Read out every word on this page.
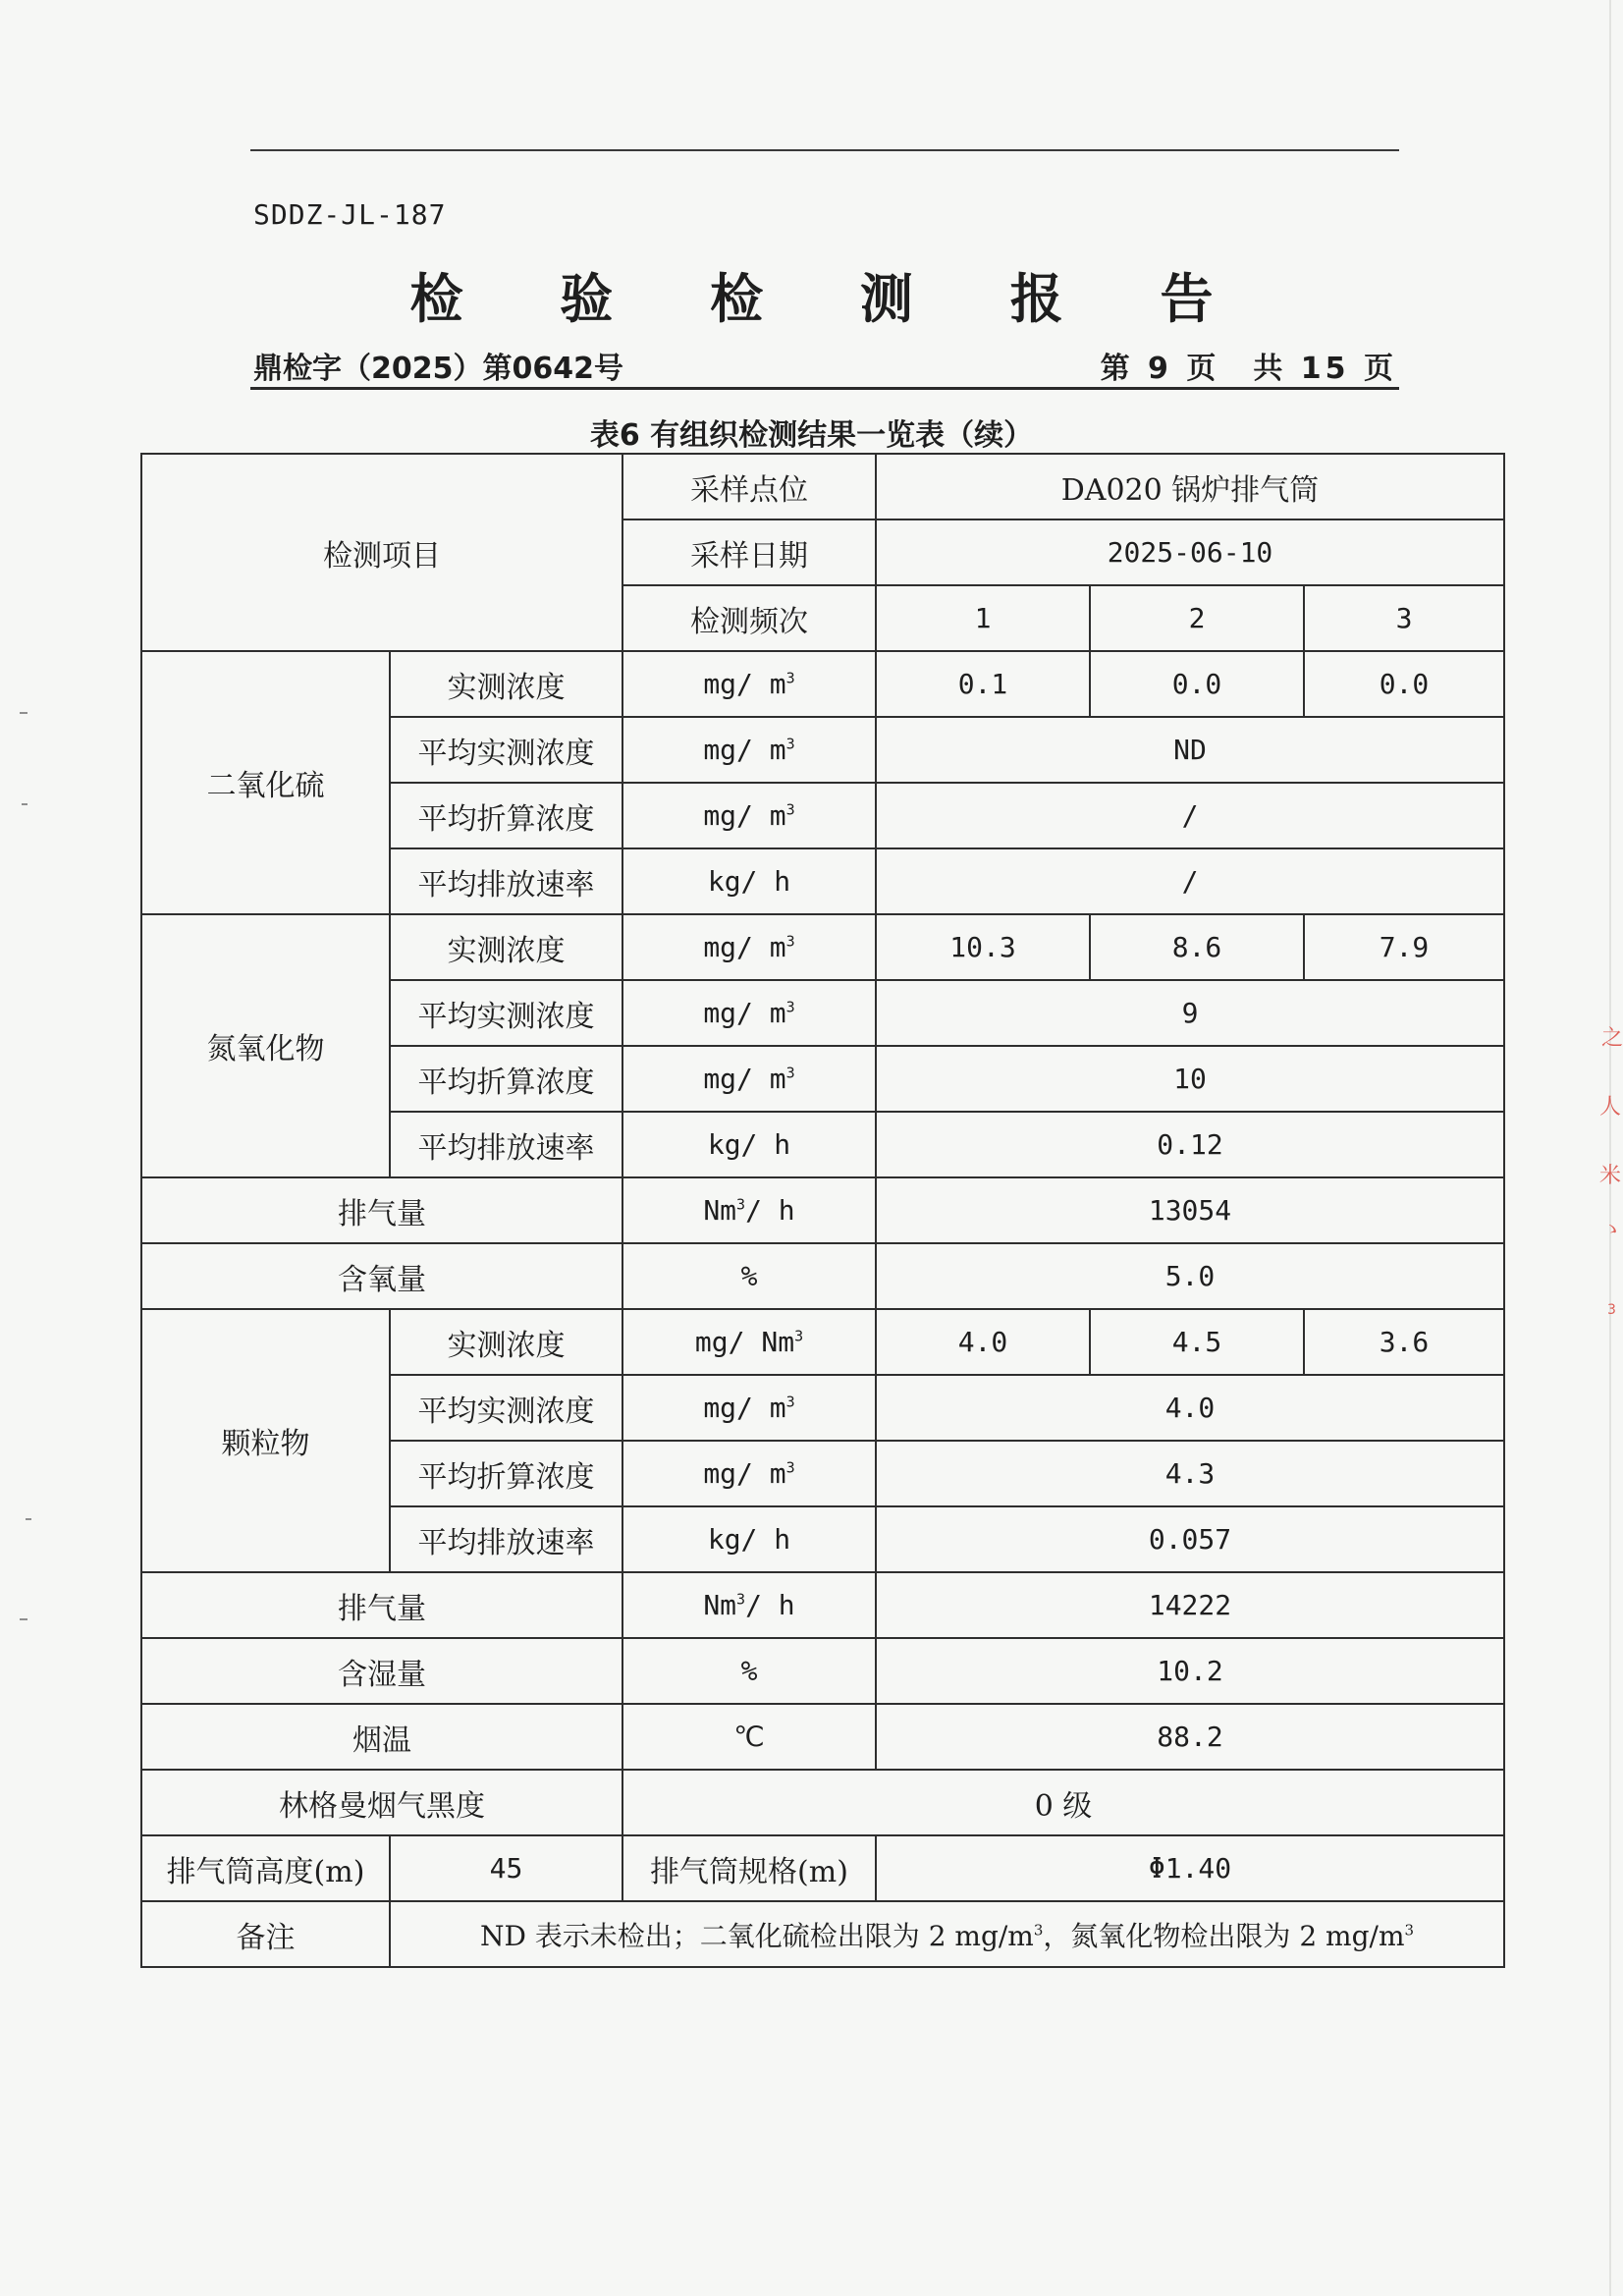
SDDZ-JL-187
检 验 检 测 报 告
鼎检字（2025）第0642号	第 9 页　共 15 页
表6 有组织检测结果一览表（续）
检测项目		采样点位	DA020 锅炉排气筒		
		采样日期	2025-06-10		
		检测频次	1	2	3
二氧化硫	实测浓度	mg/ $m^3$	0.1	0.0	0.0
	平均实测浓度	mg/ $m^3$	ND		
	平均折算浓度	mg/ $m^3$	/		
	平均排放速率	kg/ h	/		
氮氧化物	实测浓度	mg/ $m^3$	10.3	8.6	7.9
	平均实测浓度	mg/ $m^3$	9		
	平均折算浓度	mg/ $m^3$	10		
	平均排放速率	kg/ h	0.12		
排气量		Nm$^3$/ h	13054		
含氧量		%	5.0		
颗粒物	实测浓度	mg/ Nm$^3$	4.0	4.5	3.6
	平均实测浓度	mg/ $m^3$	4.0		
	平均折算浓度	mg/ $m^3$	4.3		
	平均排放速率	kg/ h	0.057		
排气量		Nm$^3$/ h	14222		
含湿量		%	10.2		
烟温		℃	88.2		
林格曼烟气黑度		0 级			
排气筒高度(m)	45	排气筒规格(m)	Φ1.40		
备注	ND 表示未检出；二氧化硫检出限为 2 $mg/m^3$，氮氧化物检出限为 2 $mg/m^3$
之
人
米
ゝ
3
